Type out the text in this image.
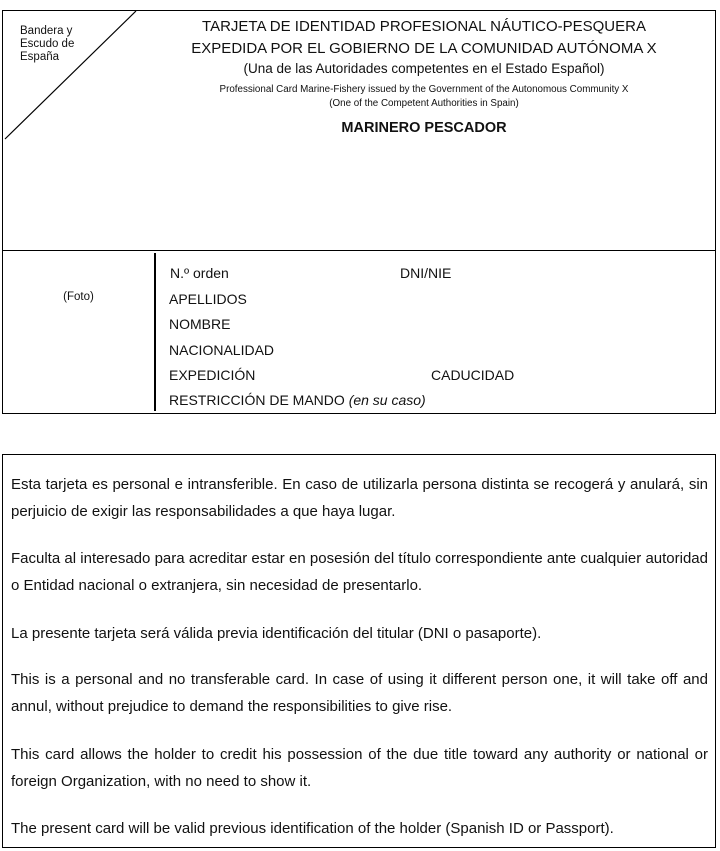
Bandera y Escudo de España
TARJETA DE IDENTIDAD PROFESIONAL NÁUTICO-PESQUERA
EXPEDIDA POR EL GOBIERNO DE LA COMUNIDAD AUTÓNOMA X
(Una de las Autoridades competentes en el Estado Español)
Professional Card Marine-Fishery issued by the Government of the Autonomous Community X
(One of the Competent Authorities in Spain)
MARINERO PESCADOR
(Foto)
N.º orden	DNI/NIE
APELLIDOS
NOMBRE
NACIONALIDAD
EXPEDICIÓN	CADUCIDAD
RESTRICCIÓN DE MANDO (en su caso)
Esta tarjeta es personal e intransferible. En caso de utilizarla persona distinta se recogerá y anulará, sin perjuicio de exigir las responsabilidades a que haya lugar.
Faculta al interesado para acreditar estar en posesión del título correspondiente ante cualquier autoridad o Entidad nacional o extranjera, sin necesidad de presentarlo.
La presente tarjeta será válida previa identificación del titular (DNI o pasaporte).
This is a personal and no transferable card. In case of using it different person one, it will take off and annul, without prejudice to demand the responsibilities to give rise.
This card allows the holder to credit his possession of the due title toward any authority or national or foreign Organization, with no need to show it.
The present card will be valid previous identification of the holder (Spanish ID or Passport).
